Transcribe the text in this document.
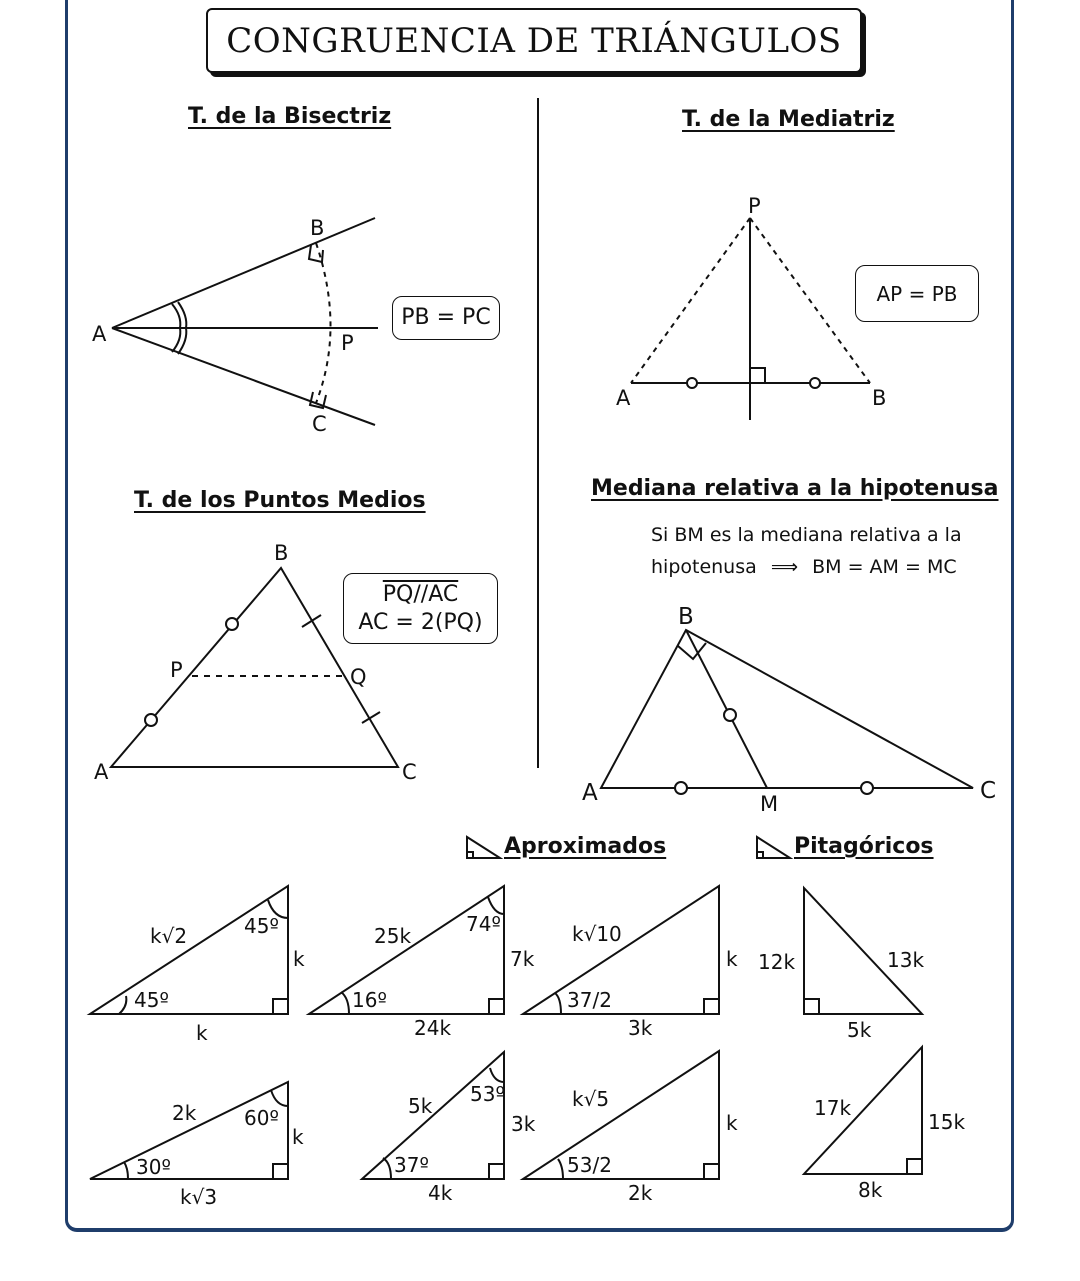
CONGRUENCIA DE TRIÁNGULOS
T. de la Bisectriz	T. de la Mediatriz
T. de los Puntos Medios	Mediana relativa a la hipotenusa
Aproximados	Pitagóricos
PB = PC
AP = PB
PQ//AC
AC = 2(PQ)
Si BM es la mediana relativa a la
hipotenusa ⟹ BM = AM = MC
A
B
C
P
P
A	B
B
P	Q
A	C
B
A	C
M
k√2	45º
k
45º
k
25k	74º
7k
16º
24k
k√10
k
37/2
3k
12k	13k
5k
2k 60º
k
30º
k√3
5k 53º
3k
37º
4k
k√5
k
53/2
2k
17k
15k
8k
